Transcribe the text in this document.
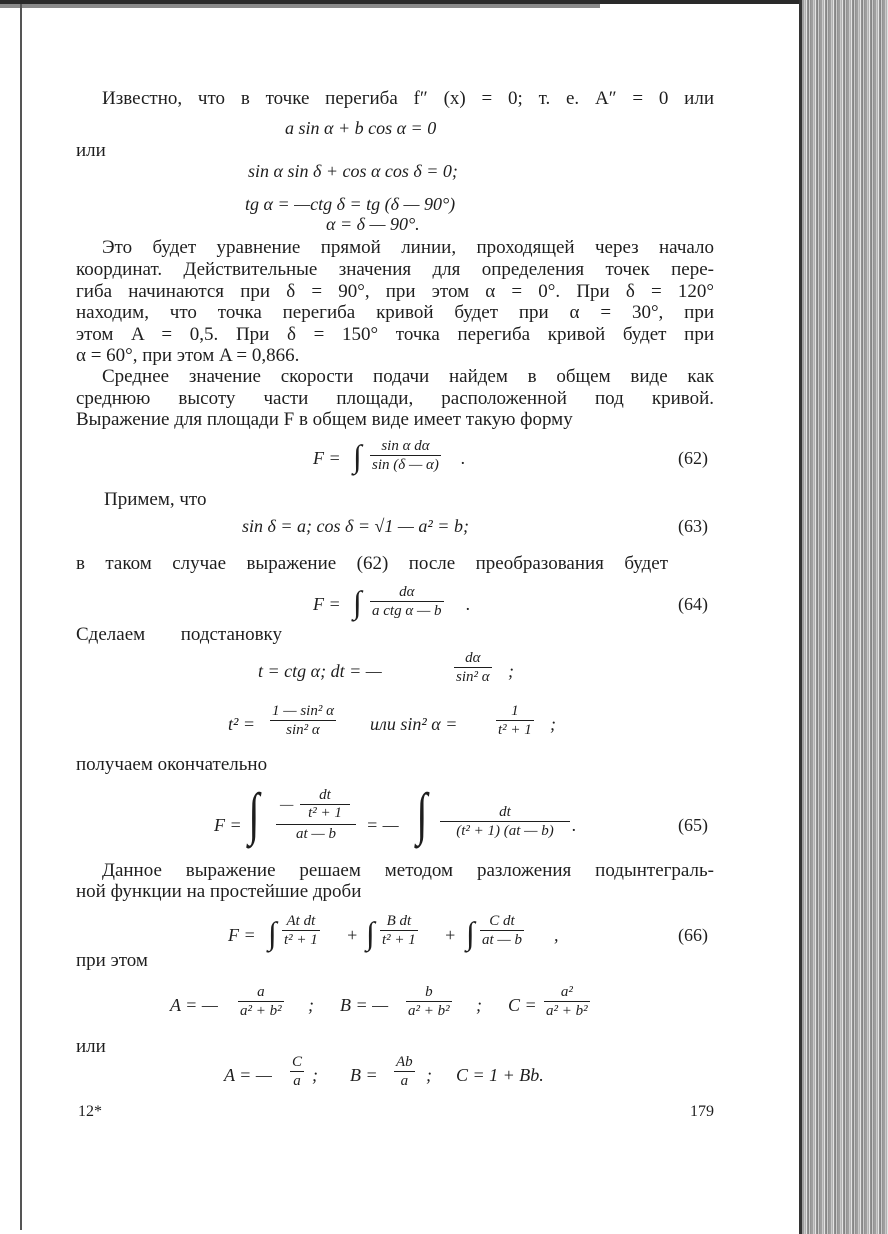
Известно, что в точке перегиба f″ (x) = 0; т. е. A″ = 0 или
a sin α + b cos α = 0
или
sin α sin δ + cos α cos δ = 0;
tg α = —ctg δ = tg (δ — 90°)
α = δ — 90°.
Это будет уравнение прямой линии, проходящей через начало
координат. Действительные значения для определения точек пере-
гиба начинаются при δ = 90°, при этом α = 0°. При δ = 120°
находим, что точка перегиба кривой будет при α = 30°, при
этом A = 0,5. При δ = 150° точка перегиба кривой будет при
α = 60°, при этом A = 0,866.
Среднее значение скорости подачи найдем в общем виде как
среднюю высоту части площади, расположенной под кривой.
Выражение для площади F в общем виде имеет такую форму
F = ∫ $\frac{\text{sin α dα}}{\sin (\delta — \alpha)}$ .	(62)
Примем, что
sin δ = a; cos δ = √1 — a² = b;	(63)
в таком случае выражение (62) после преобразования будет
F = ∫	dα
a ctg α — b .	(64)
Сделаем подстановку
t = ctg α; dt = —	$\frac{d\alpha}{\text{sin² α}}$ ;
$t^2 = \frac{\text{1 — sin² α}}{\text{sin² α}}$ или sin² α =	$\frac{1}{\text{t² + 1}}$ ;
получаем окончательно
F = ∫ —
dt
t² + 1
at — b = — ∫ $\frac{dt}{\text{(t² + 1) (at — b)}}$ .	(65)
Данное выражение решаем методом разложения подынтеграль-
ной функции на простейшие дроби
F = ∫ $\frac{\text{At dt}}{\text{t² + 1}}$ + ∫ $\frac{\text{B dt}}{\text{t² + 1}}$ + ∫ $\frac{\text{C dt}}{at — b}$ ,	(66)
при этом
A = — $\frac{a}{\text{a² + b²}}$ ; B = — $\frac{b}{\text{a² + b²}}$ ; $C = \frac{\text{a²}}{\text{a² + b²}}$
или
A = — $\frac{C}{a}$ ; $B = \frac{Ab}{a}$ ; C = 1 + Bb.
12*	179
